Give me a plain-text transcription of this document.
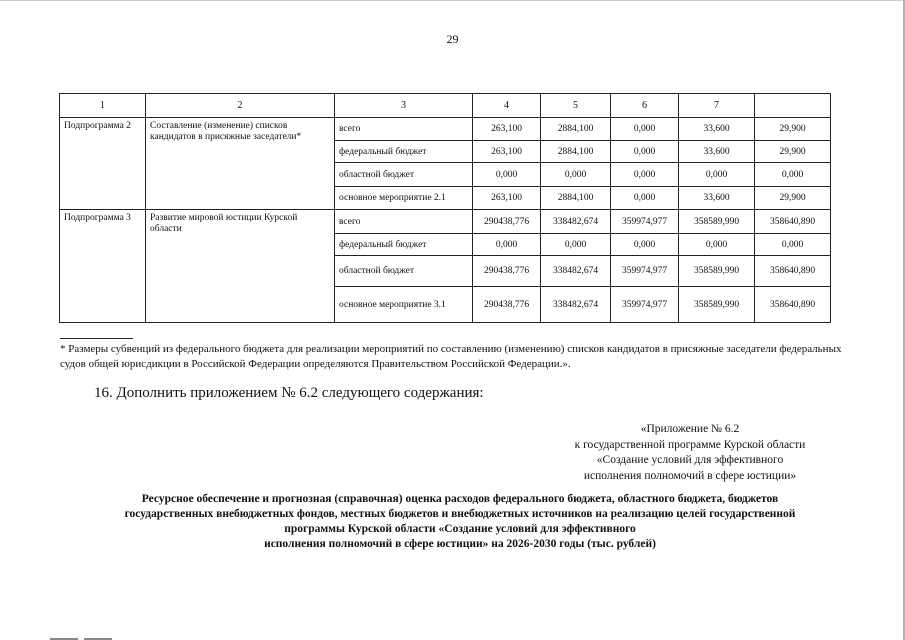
29
1	2	3	4	5	6	7	
Подпрограмма 2	Составление (изменение) списков кандидатов в присяжные заседатели*	всего	263,100	2884,100	0,000	33,600	29,900
		федеральный бюджет	263,100	2884,100	0,000	33,600	29,900
		областной бюджет	0,000	0,000	0,000	0,000	0,000
		основное мероприятие 2.1	263,100	2884,100	0,000	33,600	29,900
Подпрограмма 3	Развитие мировой юстиции Курской области	всего	290438,776	338482,674	359974,977	358589,990	358640,890
		федеральный бюджет	0,000	0,000	0,000	0,000	0,000
		областной бюджет	290438,776	338482,674	359974,977	358589,990	358640,890
		основное мероприятие 3.1	290438,776	338482,674	359974,977	358589,990	358640,890
* Размеры субвенций из федерального бюджета для реализации мероприятий по составлению (изменению) списков кандидатов в присяжные заседатели федеральных судов общей юрисдикции в Российской Федерации определяются Правительством Российской Федерации.».
16. Дополнить приложением № 6.2 следующего содержания:
«Приложение № 6.2
к государственной программе Курской области
«Создание условий для эффективного
исполнения полномочий в сфере юстиции»
Ресурсное обеспечение и прогнозная (справочная) оценка расходов федерального бюджета, областного бюджета, бюджетов
государственных внебюджетных фондов, местных бюджетов и внебюджетных источников на реализацию целей государственной
программы Курской области «Создание условий для эффективного
исполнения полномочий в сфере юстиции» на 2026-2030 годы (тыс. рублей)
